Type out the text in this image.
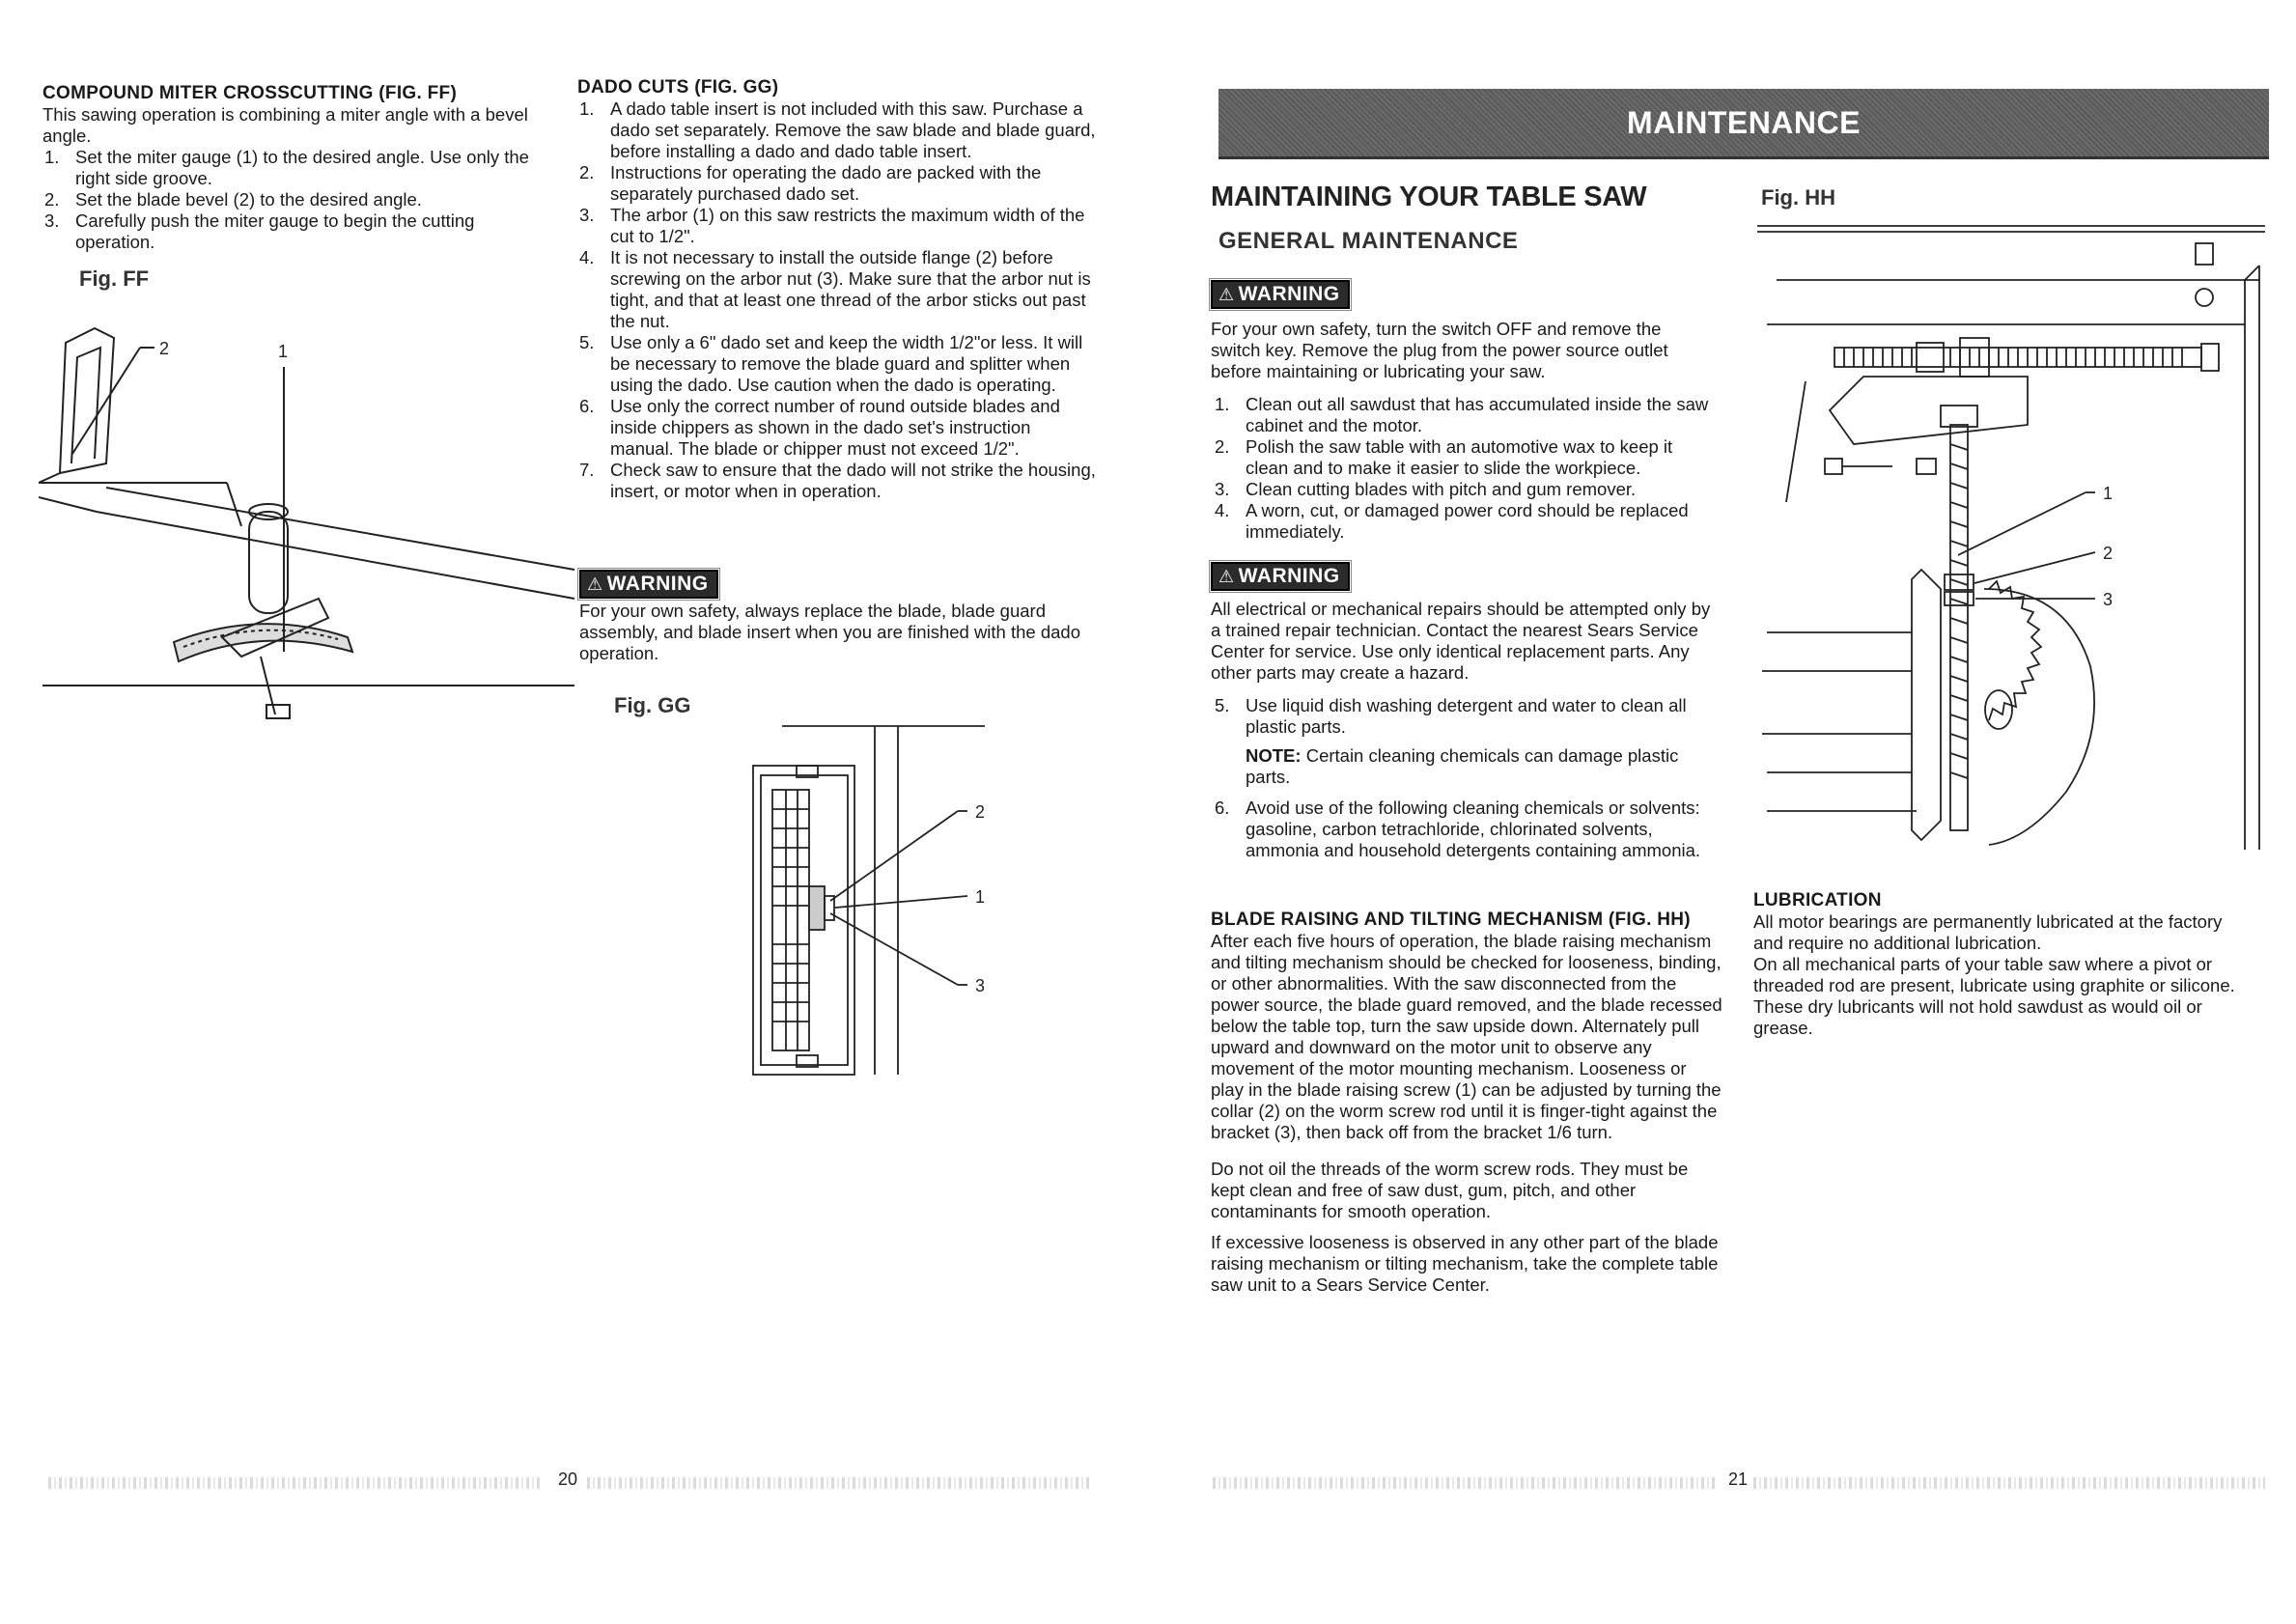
COMPOUND MITER CROSSCUTTING (FIG. FF)

This sawing operation is combining a miter angle with a bevel angle.

1. Set the miter gauge (1) to the desired angle. Use only the right side groove.
2. Set the blade bevel (2) to the desired angle.
3. Carefully push the miter gauge to begin the cutting operation.
Fig. FF
2	1
DADO CUTS (FIG. GG)
1. A dado table insert is not included with this saw. Purchase a dado set separately. Remove the saw blade and blade guard, before installing a dado and dado table insert.
2. Instructions for operating the dado are packed with the separately purchased dado set.
3. The arbor (1) on this saw restricts the maximum width of the cut to 1/2".
4. It is not necessary to install the outside flange (2) before screwing on the arbor nut (3). Make sure that the arbor nut is tight, and that at least one thread of the arbor sticks out past the nut.
5. Use only a 6" dado set and keep the width 1/2"or less. It will be necessary to remove the blade guard and splitter when using the dado. Use caution when the dado is operating.
6. Use only the correct number of round outside blades and inside chippers as shown in the dado set's instruction manual. The blade or chipper must not exceed 1/2".
7. Check saw to ensure that the dado will not strike the housing, insert, or motor when in operation.
⚠ WARNING
For your own safety, always replace the blade, blade guard assembly, and blade insert when you are finished with the dado operation.
Fig. GG
2
1
3
20
MAINTENANCE
MAINTAINING YOUR TABLE SAW
GENERAL MAINTENANCE
⚠ WARNING
For your own safety, turn the switch OFF and remove the switch key. Remove the plug from the power source outlet before maintaining or lubricating your saw.
1. Clean out all sawdust that has accumulated inside the saw cabinet and the motor.
2. Polish the saw table with an automotive wax to keep it clean and to make it easier to slide the workpiece.
3. Clean cutting blades with pitch and gum remover.
4. A worn, cut, or damaged power cord should be replaced immediately.
⚠ WARNING
All electrical or mechanical repairs should be attempted only by a trained repair technician. Contact the nearest Sears Service Center for service. Use only identical replacement parts. Any other parts may create a hazard.
5. Use liquid dish washing detergent and water to clean all plastic parts.

NOTE: Certain cleaning chemicals can damage plastic parts.

6. Avoid use of the following cleaning chemicals or solvents: gasoline, carbon tetrachloride, chlorinated solvents, ammonia and household detergents containing ammonia.
BLADE RAISING AND TILTING MECHANISM (FIG. HH)

After each five hours of operation, the blade raising mechanism and tilting mechanism should be checked for looseness, binding, or other abnormalities. With the saw disconnected from the power source, the blade guard removed, and the blade recessed below the table top, turn the saw upside down. Alternately pull upward and downward on the motor unit to observe any movement of the motor mounting mechanism. Looseness or play in the blade raising screw (1) can be adjusted by turning the collar (2) on the worm screw rod until it is finger-tight against the bracket (3), then back off from the bracket 1/6 turn.

Do not oil the threads of the worm screw rods. They must be kept clean and free of saw dust, gum, pitch, and other contaminants for smooth operation.

If excessive looseness is observed in any other part of the blade raising mechanism or tilting mechanism, take the complete table saw unit to a Sears Service Center.

Fig. HH
1
2
3
LUBRICATION

All motor bearings are permanently lubricated at the factory and require no additional lubrication.

On all mechanical parts of your table saw where a pivot or threaded rod are present, lubricate using graphite or silicone. These dry lubricants will not hold sawdust as would oil or grease.

21
